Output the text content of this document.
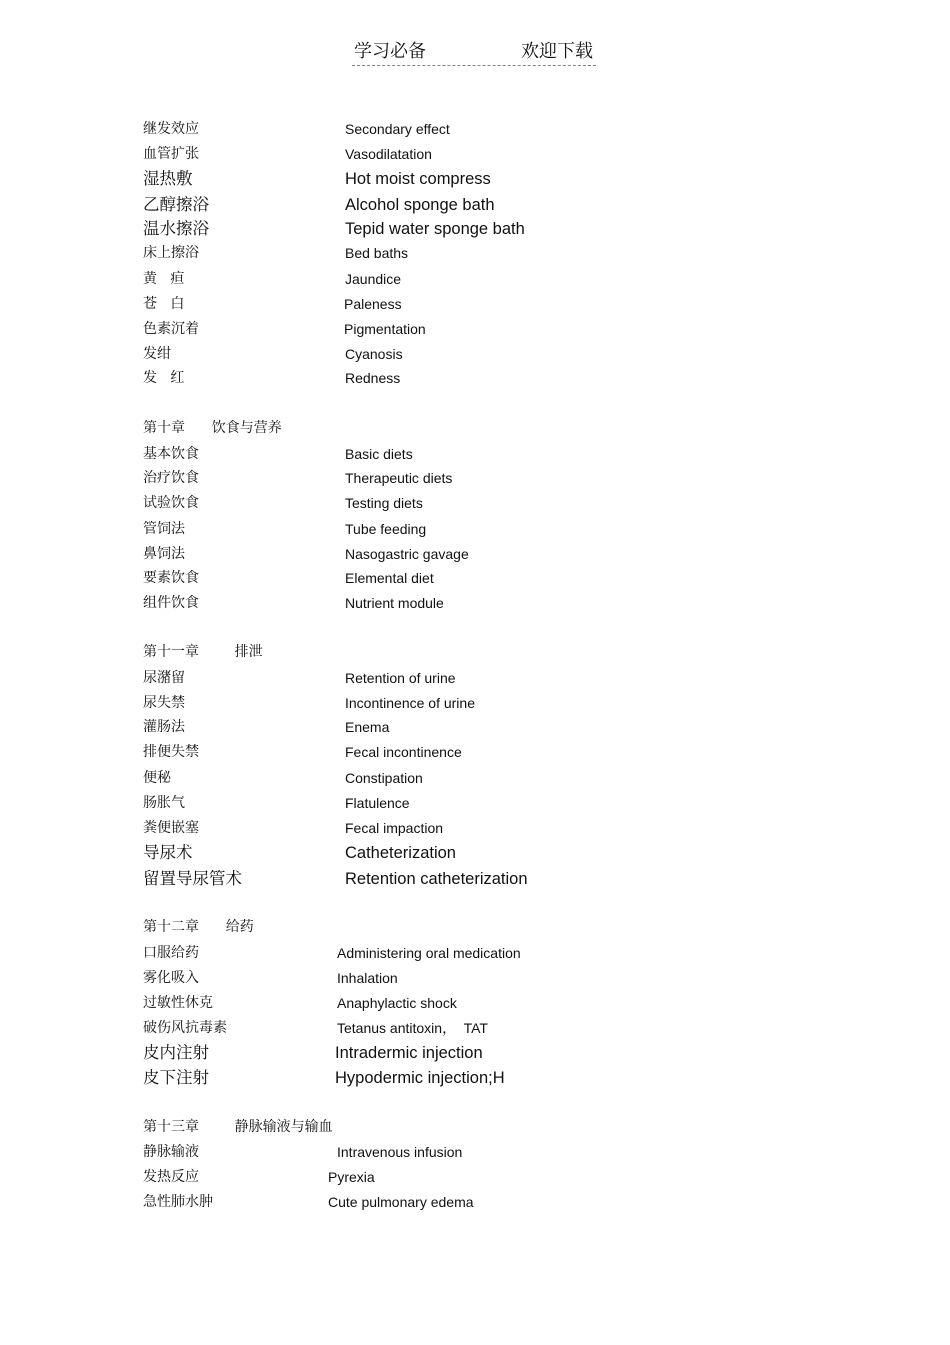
学习必备	欢迎下载
继发效应	Secondary effect
血管扩张	Vasodilatation
湿热敷	Hot moist compress
乙醇擦浴	Alcohol sponge bath
温水擦浴	Tepid water sponge bath
床上擦浴	Bed baths
黄   疸	Jaundice
苍   白	Paleness
色素沉着	Pigmentation
发绀	Cyanosis
发   红	Redness
第十章      饮食与营养
基本饮食	Basic diets
治疗饮食	Therapeutic diets
试验饮食	Testing diets
管饲法	Tube feeding
鼻饲法	Nasogastric gavage
要素饮食	Elemental diet
组件饮食	Nutrient module
第十一章        排泄
尿潴留	Retention of urine
尿失禁	Incontinence of urine
灌肠法	Enema
排便失禁	Fecal incontinence
便秘	Constipation
肠胀气	Flatulence
粪便嵌塞	Fecal impaction
导尿术	Catheterization
留置导尿管术	Retention catheterization
第十二章      给药
口服给药	Administering oral medication
雾化吸入	Inhalation
过敏性休克	Anaphylactic shock
破伤风抗毒素	Tetanus antitoxin，  TAT
皮内注射	Intradermic injection
皮下注射	Hypodermic injection;H
第十三章        静脉输液与输血
静脉输液	Intravenous infusion
发热反应	Pyrexia
急性肺水肿	Cute pulmonary edema
